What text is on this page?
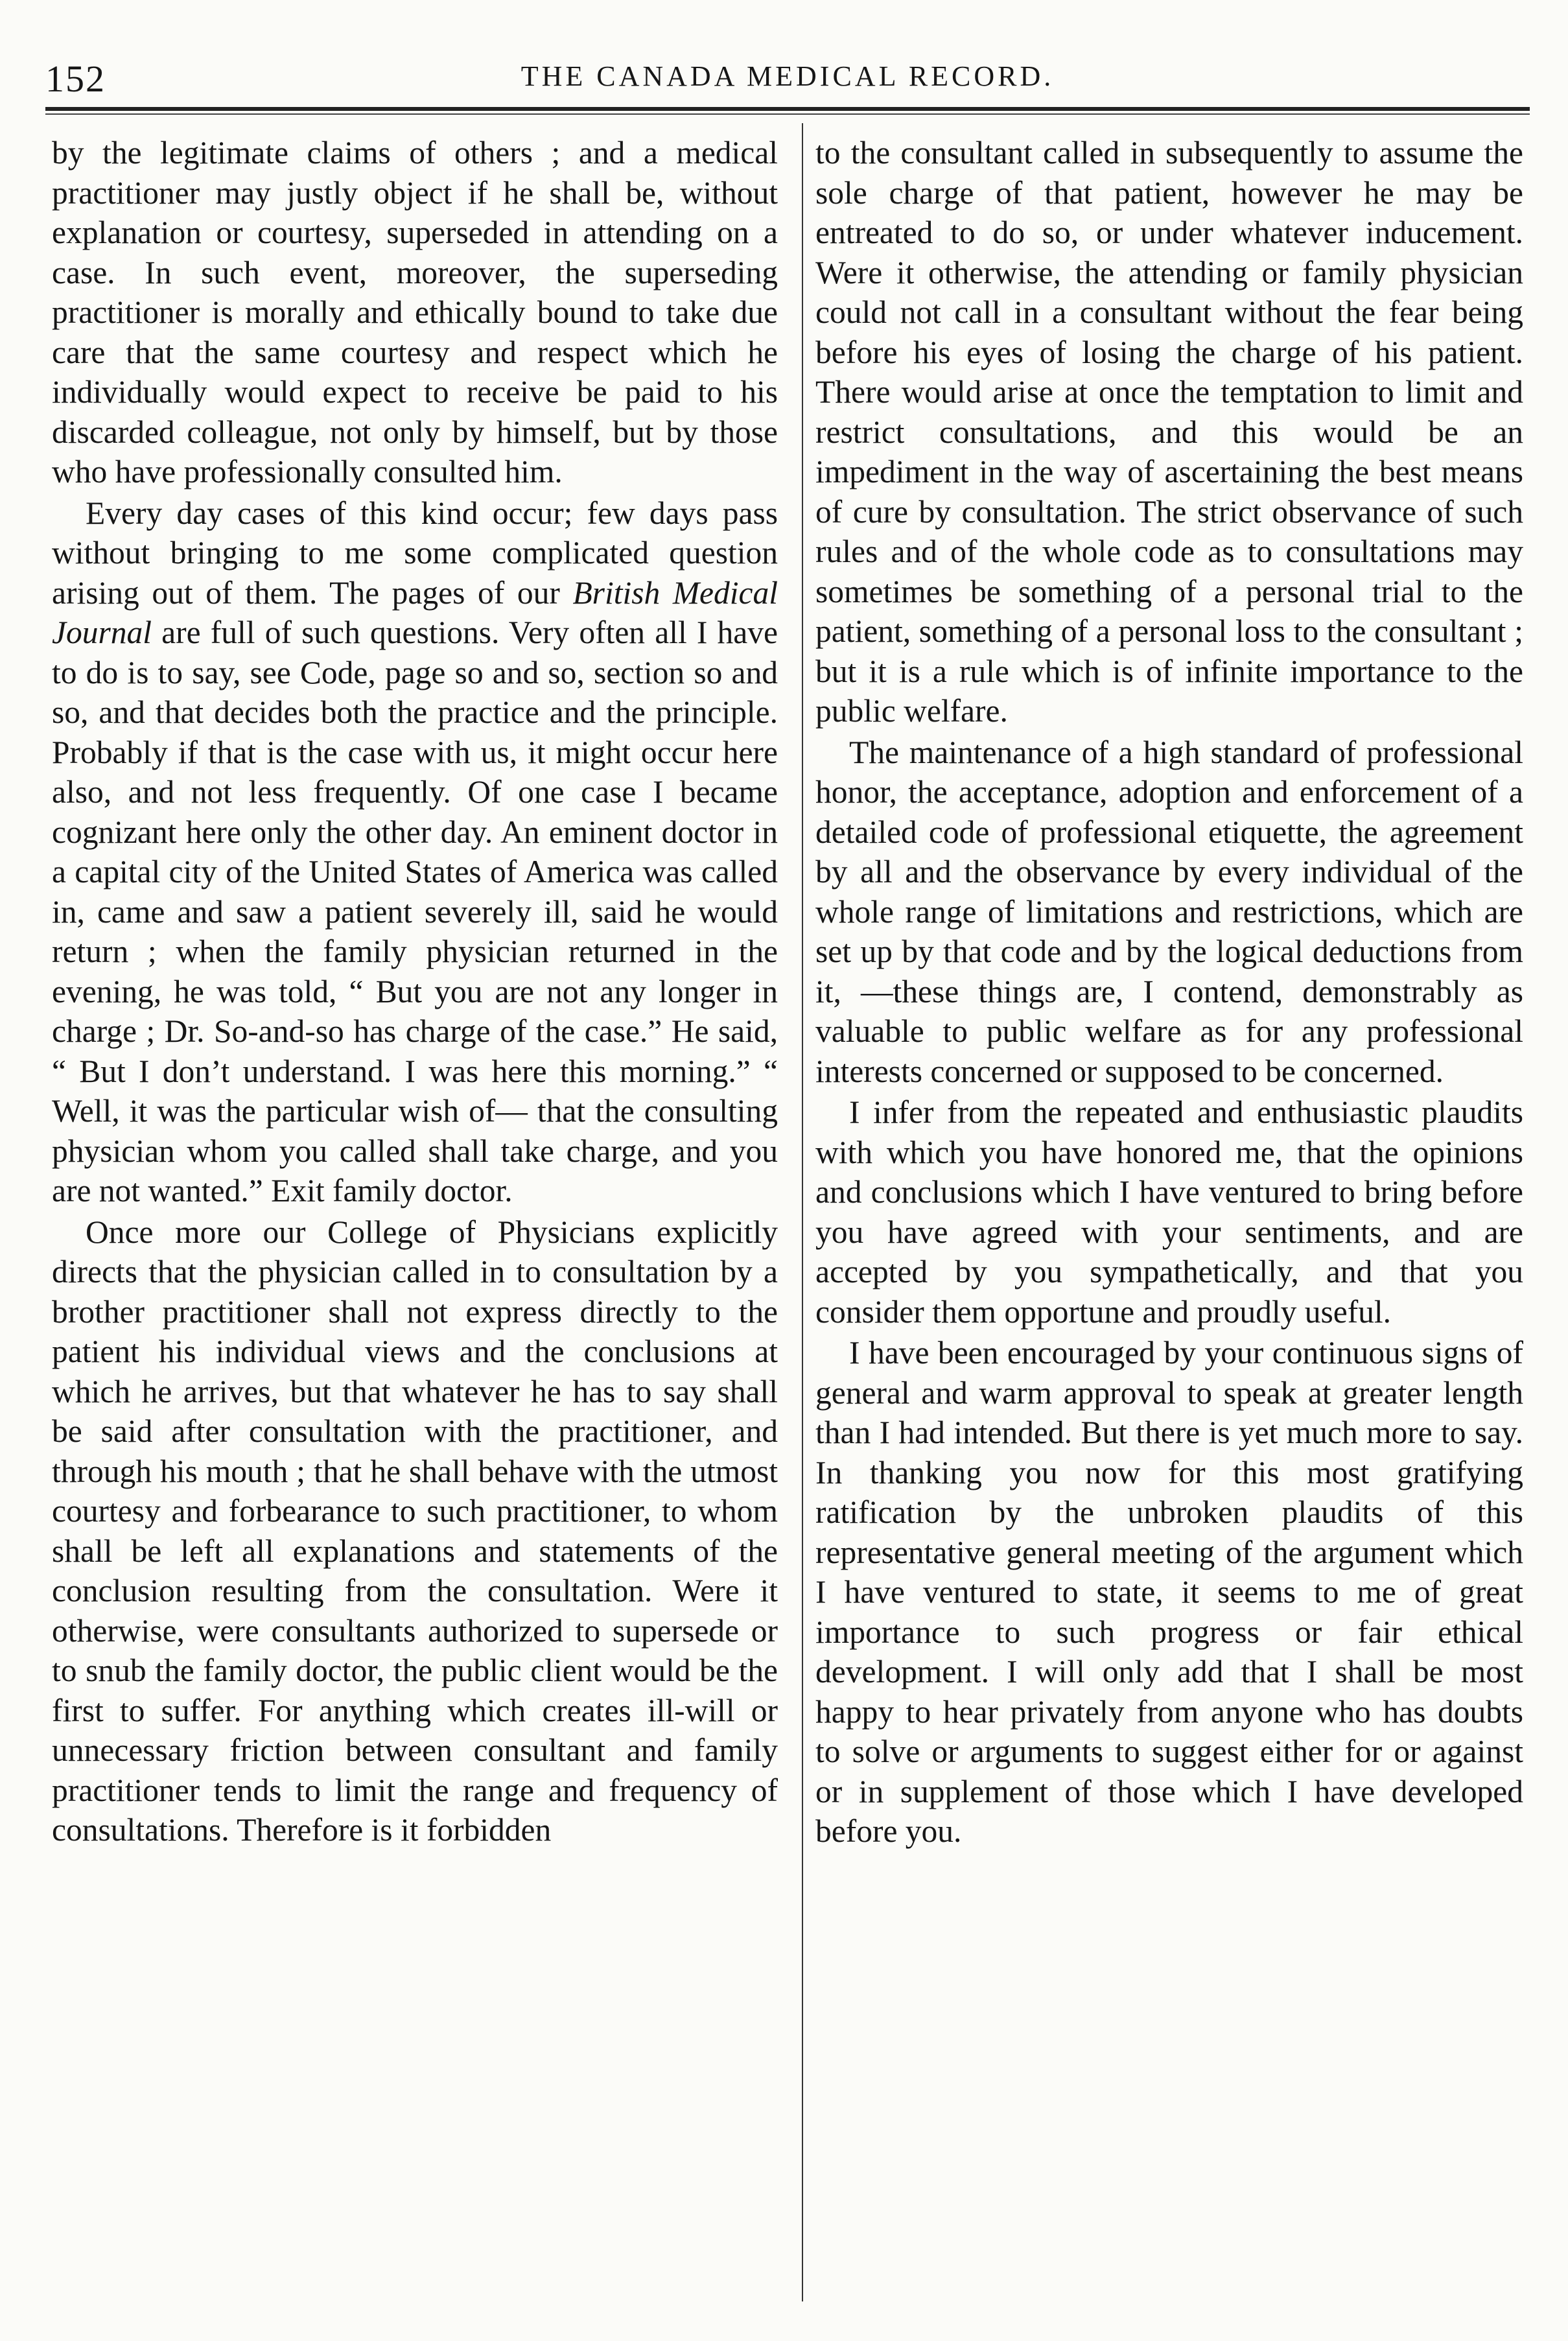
152	THE CANADA MEDICAL RECORD.

by the legitimate claims of others ; and a medical practitioner may justly object if he shall be, without explanation or courtesy, superseded in attending on a case. In such event, moreover, the superseding practitioner is morally and ethically bound to take due care that the same courtesy and respect which he individually would expect to receive be paid to his discarded colleague, not only by himself, but by those who have professionally consulted him.

Every day cases of this kind occur; few days pass without bringing to me some complicated question arising out of them. The pages of our British Medical Journal are full of such questions. Very often all I have to do is to say, see Code, page so and so, section so and so, and that decides both the practice and the principle. Probably if that is the case with us, it might occur here also, and not less frequently. Of one case I became cognizant here only the other day. An eminent doctor in a capital city of the United States of America was called in, came and saw a patient severely ill, said he would return ; when the family physician returned in the evening, he was told, “ But you are not any longer in charge ; Dr. So-and-so has charge of the case.” He said, “ But I don’t understand. I was here this morning.” “ Well, it was the particular wish of— that the consulting physician whom you called shall take charge, and you are not wanted.” Exit family doctor.

Once more our College of Physicians explicitly directs that the physician called in to consultation by a brother practitioner shall not express directly to the patient his individual views and the conclusions at which he arrives, but that whatever he has to say shall be said after consultation with the practitioner, and through his mouth ; that he shall behave with the utmost courtesy and forbearance to such practitioner, to whom shall be left all explanations and statements of the conclusion resulting from the consultation. Were it otherwise, were consultants authorized to supersede or to snub the family doctor, the public client would be the first to suffer. For anything which creates ill-will or unnecessary friction between consultant and family practitioner tends to limit the range and frequency of consultations. Therefore is it forbidden

to the consultant called in subsequently to assume the sole charge of that patient, however he may be entreated to do so, or under whatever inducement. Were it otherwise, the attending or family physician could not call in a consultant without the fear being before his eyes of losing the charge of his patient. There would arise at once the temptation to limit and restrict consultations, and this would be an impediment in the way of ascertaining the best means of cure by consultation. The strict observance of such rules and of the whole code as to consultations may sometimes be something of a personal trial to the patient, something of a personal loss to the consultant ; but it is a rule which is of infinite importance to the public welfare.

The maintenance of a high standard of professional honor, the acceptance, adoption and enforcement of a detailed code of professional etiquette, the agreement by all and the observance by every individual of the whole range of limitations and restrictions, which are set up by that code and by the logical deductions from it, —these things are, I contend, demonstrably as valuable to public welfare as for any professional interests concerned or supposed to be concerned.

I infer from the repeated and enthusiastic plaudits with which you have honored me, that the opinions and conclusions which I have ventured to bring before you have agreed with your sentiments, and are accepted by you sympathetically, and that you consider them opportune and proudly useful.

I have been encouraged by your continuous signs of general and warm approval to speak at greater length than I had intended. But there is yet much more to say. In thanking you now for this most gratifying ratification by the unbroken plaudits of this representative general meeting of the argument which I have ventured to state, it seems to me of great importance to such progress or fair ethical development. I will only add that I shall be most happy to hear privately from anyone who has doubts to solve or arguments to suggest either for or against or in supplement of those which I have developed before you.
